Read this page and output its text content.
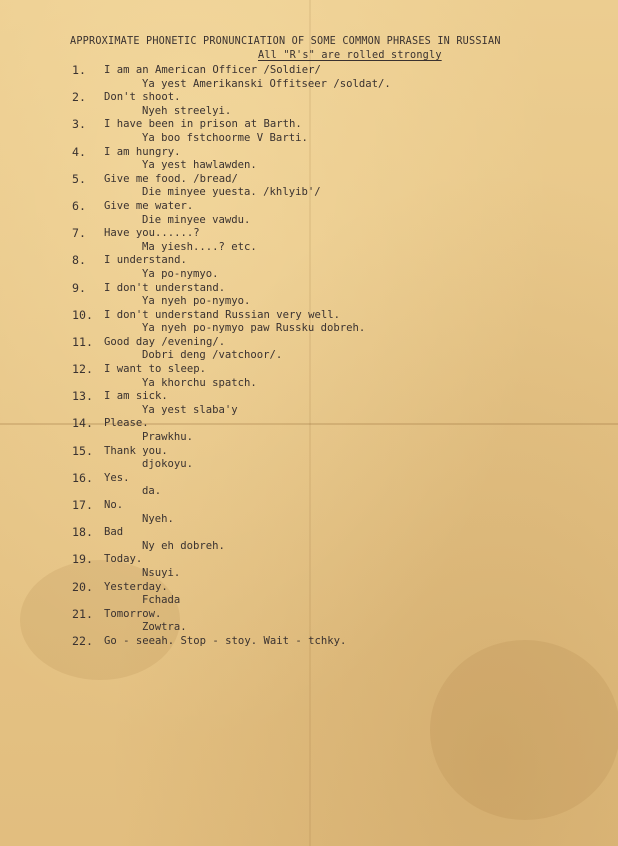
APPROXIMATE PHONETIC PRONUNCIATION OF SOME COMMON PHRASES IN RUSSIAN
All "R's" are rolled strongly
1.	I am an American Officer /Soldier/
Ya yest Amerikanski Offitseer /soldat/.
2.	Don't shoot.
Nyeh streelyi.
3.	I have been in prison at Barth.
Ya boo fstchoorme V Barti.
4.	I am hungry.
Ya yest hawlawden.
5.	Give me food. /bread/
Die minyee yuesta. /khlyib'/
6.	Give me water.
Die minyee vawdu.
7.	Have you......?
Ma yiesh....? etc.
8.	I understand.
Ya po-nymyo.
9.	I don't understand.
Ya nyeh po-nymyo.
10.	I don't understand Russian very well.
Ya nyeh po-nymyo paw Russku dobreh.
11.	Good day /evening/.
Dobri deng /vatchoor/.
12.	I want to sleep.
Ya khorchu spatch.
13.	I am sick.
Ya yest slaba'y
14.	Please.
Prawkhu.
15.	Thank you.
djokoyu.
16.	Yes.
da.
17.	No.
Nyeh.
18.	Bad
Ny eh dobreh.
19.	Today.
Nsuyi.
20.	Yesterday.
Fchada
21.	Tomorrow.
Zowtra.
22.	Go - seeah. Stop - stoy. Wait - tchky.
